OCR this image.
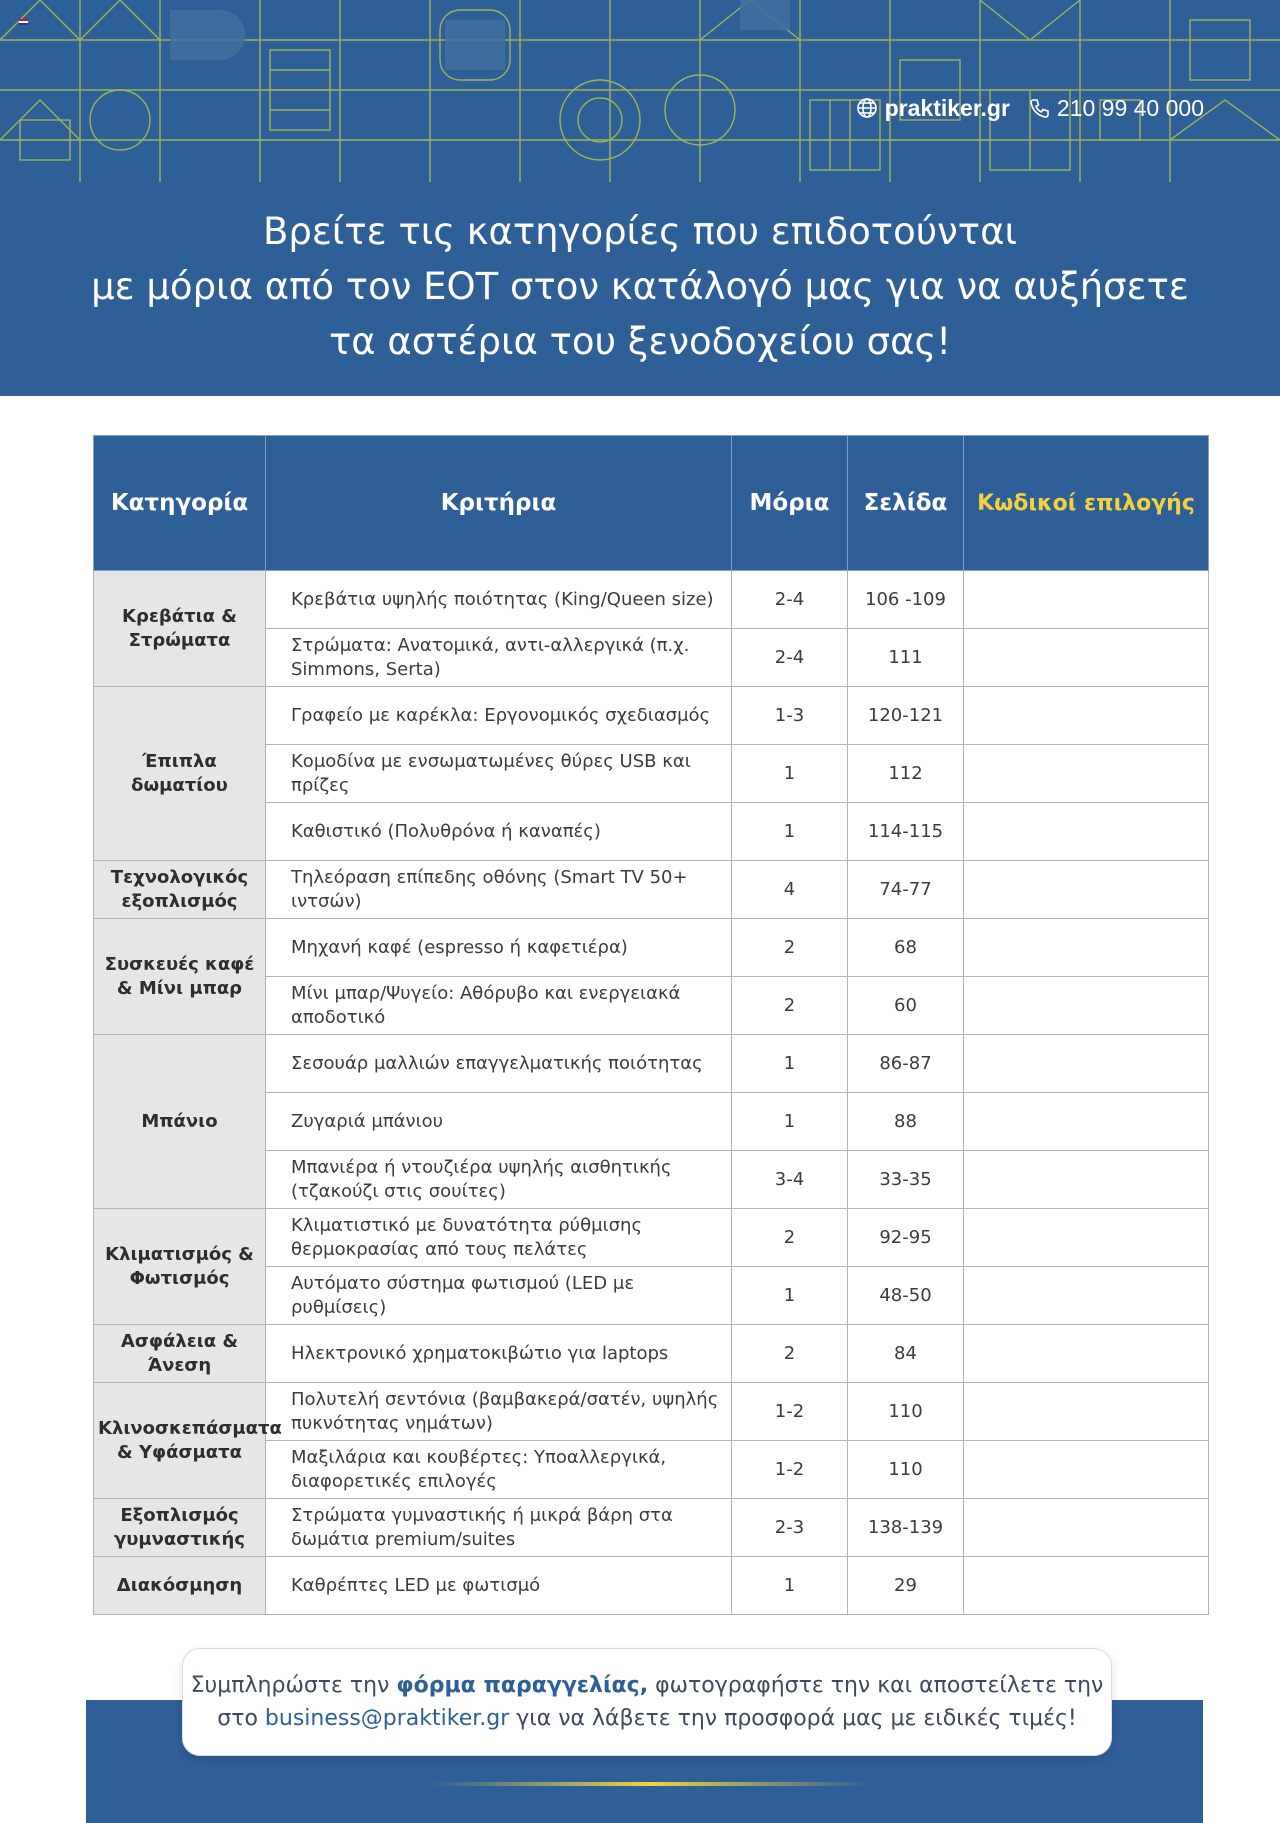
praktiker.gr 210 99 40 000
Βρείτε τις κατηγορίες που επιδοτούνται
με μόρια από τον ΕΟΤ στον κατάλογό μας για να αυξήσετε
τα αστέρια του ξενοδοχείου σας!
Κατηγορία	Κριτήρια	Μόρια	Σελίδα	Κωδικοί επιλογής
Κρεβάτια & Στρώματα	Κρεβάτια υψηλής ποιότητας (King/Queen size)	2-4	106 -109	
	Στρώματα: Ανατομικά, αντι-αλλεργικά (π.χ. Simmons, Serta)	2-4	111	
Έπιπλα δωματίου	Γραφείο με καρέκλα: Εργονομικός σχεδιασμός	1-3	120-121	
	Κομοδίνα με ενσωματωμένες θύρες USB και πρίζες	1	112	
	Καθιστικό (Πολυθρόνα ή καναπές)	1	114-115	
Τεχνολογικός εξοπλισμός	Τηλεόραση επίπεδης οθόνης (Smart TV 50+ ιντσών)	4	74-77	
Συσκευές καφέ & Μίνι μπαρ	Μηχανή καφέ (espresso ή καφετιέρα)	2	68	
	Μίνι μπαρ/Ψυγείο: Αθόρυβο και ενεργειακά αποδοτικό	2	60	
Μπάνιο	Σεσουάρ μαλλιών επαγγελματικής ποιότητας	1	86-87	
	Ζυγαριά μπάνιου	1	88	
	Μπανιέρα ή ντουζιέρα υψηλής αισθητικής (τζακούζι στις σουίτες)	3-4	33-35	
Κλιματισμός & Φωτισμός	Κλιματιστικό με δυνατότητα ρύθμισης θερμοκρασίας από τους πελάτες	2	92-95	
	Αυτόματο σύστημα φωτισμού (LED με ρυθμίσεις)	1	48-50	
Ασφάλεια & Άνεση	Ηλεκτρονικό χρηματοκιβώτιο για laptops	2	84	
Κλινοσκεπάσματα & Υφάσματα	Πολυτελή σεντόνια (βαμβακερά/σατέν, υψηλής πυκνότητας νημάτων)	1-2	110	
	Μαξιλάρια και κουβέρτες: Υποαλλεργικά, διαφορετικές επιλογές	1-2	110	
Εξοπλισμός γυμναστικής	Στρώματα γυμναστικής ή μικρά βάρη στα δωμάτια premium/suites	2-3	138-139	
Διακόσμηση	Καθρέπτες LED με φωτισμό	1	29	
Συμπληρώστε την φόρμα παραγγελίας, φωτογραφήστε την και αποστείλετε την
στο business@praktiker.gr για να λάβετε την προσφορά μας με ειδικές τιμές!
